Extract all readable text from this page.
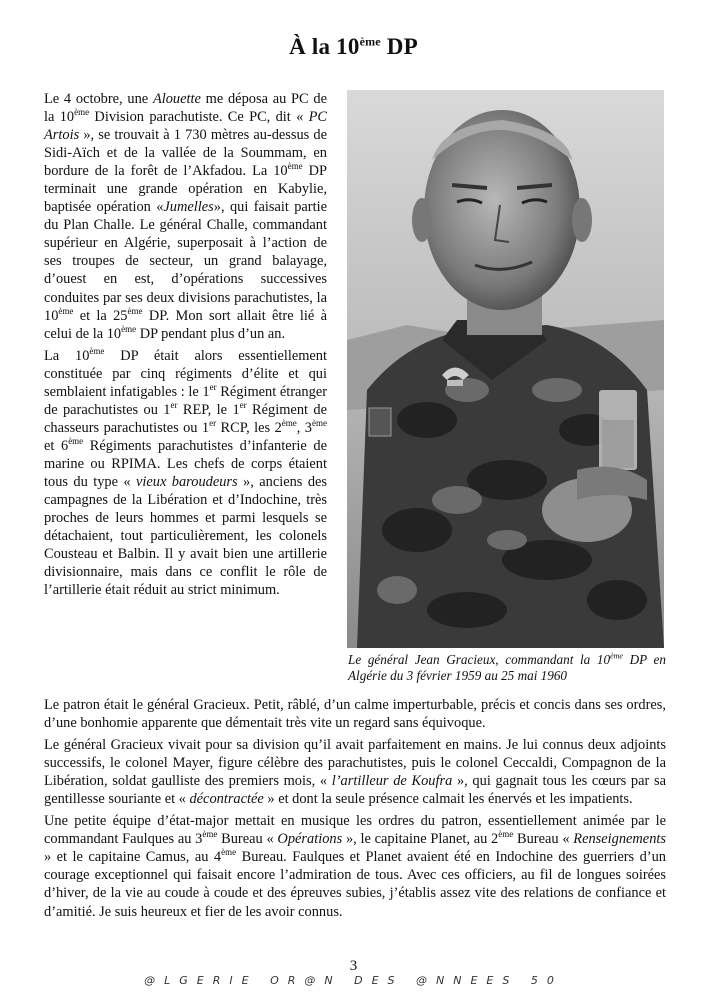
À la 10ème DP

Le 4 octobre, une Alouette me déposa au PC de la 10ème Division parachutiste. Ce PC, dit « PC Artois », se trouvait à 1 730 mètres au-dessus de Sidi-Aïch et de la vallée de la Soummam, en bordure de la forêt de l’Akfadou. La 10ème DP terminait une grande opération en Kabylie, baptisée opération «Jumelles», qui faisait partie du Plan Challe. Le général Challe, commandant supérieur en Algérie, superposait à l’action de ses troupes de secteur, un grand balayage, d’ouest en est, d’opérations successives conduites par ses deux divisions parachutistes, la 10ème et la 25ème DP. Mon sort allait être lié à celui de la 10ème DP pendant plus d’un an.

La 10ème DP était alors essentiellement constituée par cinq régiments d’élite et qui semblaient infatigables : le 1er Régiment étranger de parachutistes ou 1er REP, le 1er Régiment de chasseurs parachutistes ou 1er RCP, les 2ème, 3ème et 6ème Régiments parachutistes d’infanterie de marine ou RPIMA. Les chefs de corps étaient tous du type « vieux baroudeurs », anciens des campagnes de la Libération et d’Indochine, très proches de leurs hommes et parmi lesquels se détachaient, tout particulièrement, les colonels Cousteau et Balbin. Il y avait bien une artillerie divisionnaire, mais dans ce conflit le rôle de l’artillerie était réduit au strict minimum.

Le général Jean Gracieux, commandant la 10ème DP en Algérie du 3 février 1959 au 25 mai 1960

Le patron était le général Gracieux. Petit, râblé, d’un calme imperturbable, précis et concis dans ses ordres, d’une bonhomie apparente que démentait très vite un regard sans équivoque.

Le général Gracieux vivait pour sa division qu’il avait parfaitement en mains. Je lui connus deux adjoints successifs, le colonel Mayer, figure célèbre des parachutistes, puis le colonel Ceccaldi, Compagnon de la Libération, soldat gaulliste des premiers mois, « l’artilleur de Koufra », qui gagnait tous les cœurs par sa gentillesse souriante et « décontractée » et dont la seule présence calmait les énervés et les impatients.

Une petite équipe d’état-major mettait en musique les ordres du patron, essentiellement animée par le commandant Faulques au 3ème Bureau « Opérations », le capitaine Planet, au 2ème Bureau « Renseignements » et le capitaine Camus, au 4ème Bureau. Faulques et Planet avaient été en Indochine des guerriers d’un courage exceptionnel qui faisait encore l’admiration de tous. Avec ces officiers, au fil de longues soirées d’hiver, de la vie au coude à coude et des épreuves subies, j’établis assez vite des relations de confiance et d’amitié. Je suis heureux et fier de les avoir connus.

3
@LGERIE OR@N DES @NNEES 50
